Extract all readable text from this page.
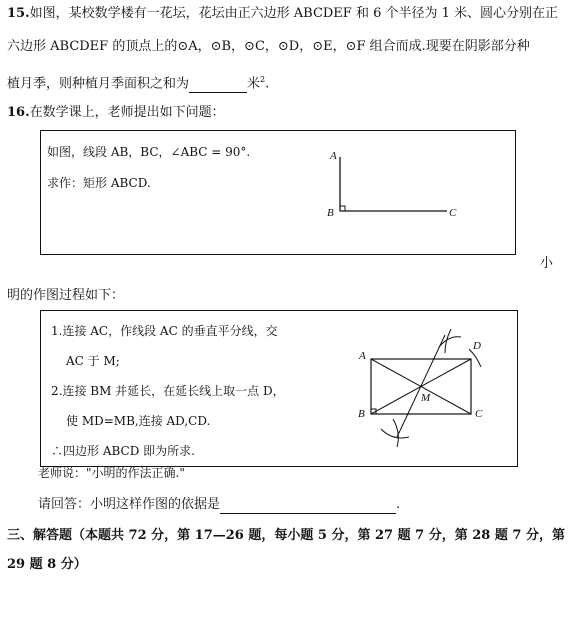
15.如图，某校数学楼有一花坛，花坛由正六边形 ABCDEF 和 6 个半径为 1 米、圆心分别在正
六边形 ABCDEF 的顶点上的⊙A，⊙B，⊙C，⊙D，⊙E，⊙F 组合而成.现要在阴影部分种
植月季，则种植月季面积之和为	米$^2$.
16.在数学课上，老师提出如下问题：
如图，线段 AB，BC，∠ABC = 90°.
求作：矩形 ABCD.
A
B	C
小
明的作图过程如下：
1.连接 AC，作线段 AC 的垂直平分线，交
AC 于 M;
2.连接 BM 并延长，在延长线上取一点 D，
使 MD=MB,连接 AD,CD.
∴四边形 ABCD 即为所求.
A
B	C
D
M
老师说："小明的作法正确."
请回答：小明这样作图的依据是	.
三、解答题（本题共 72 分，第 17—26 题，每小题 5 分，第 27 题 7 分，第 28 题 7 分，第
29 题 8 分）
